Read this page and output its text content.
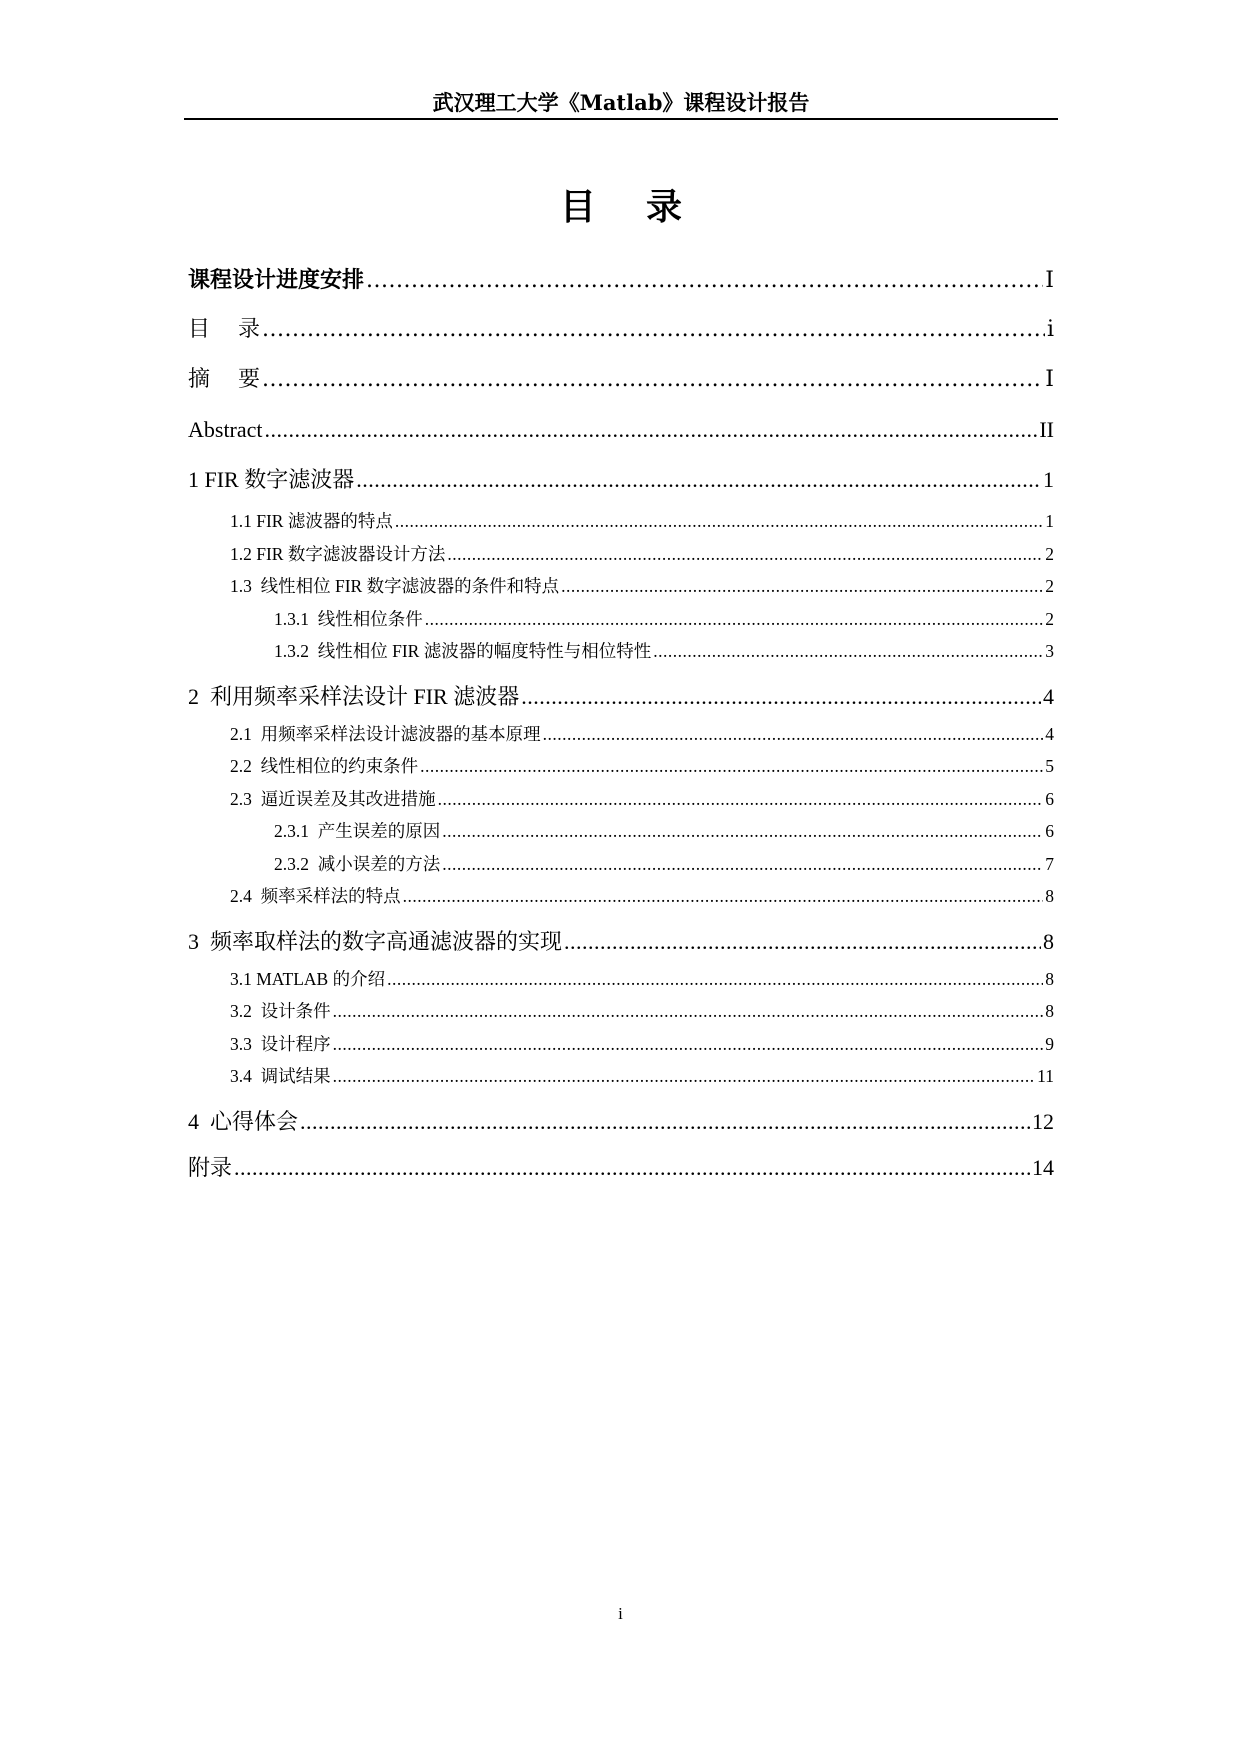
武汉理工大学《Matlab》课程设计报告
目    录
课程设计进度安排 .....	I
目    录 .....	i
摘    要 .....	I
Abstract .....	II
1 FIR 数字滤波器 .....	1
1.1 FIR 滤波器的特点 .....	1
1.2 FIR 数字滤波器设计方法 .....	2
1.3  线性相位 FIR 数字滤波器的条件和特点 .....	2
1.3.1  线性相位条件 .....	2
1.3.2  线性相位 FIR 滤波器的幅度特性与相位特性 .....	3
2  利用频率采样法设计 FIR 滤波器 .....	4
2.1  用频率采样法设计滤波器的基本原理 .....	4
2.2  线性相位的约束条件 .....	5
2.3  逼近误差及其改进措施 .....	6
2.3.1  产生误差的原因 .....	6
2.3.2  减小误差的方法 .....	7
2.4  频率采样法的特点 .....	8
3  频率取样法的数字高通滤波器的实现 .....	8
3.1 MATLAB 的介绍 .....	8
3.2  设计条件 .....	8
3.3  设计程序 .....	9
3.4  调试结果 .....	11
4  心得体会 .....	12
附录 .....	14
i
